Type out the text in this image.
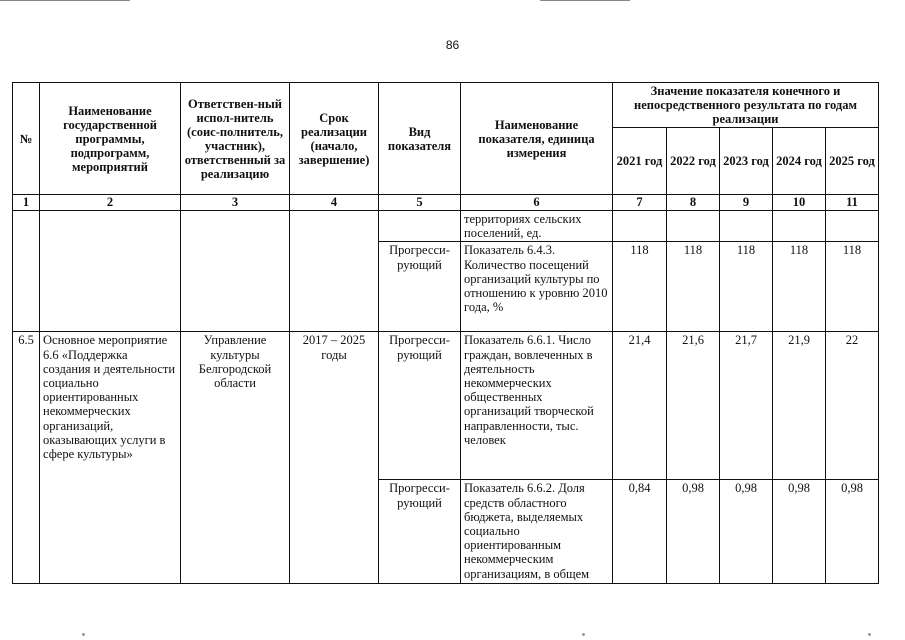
86
№	Наименование государственной программы, подпрограмм, мероприятий	Ответствен-ный испол-нитель (соис-полнитель, участник), ответственный за реализацию	Срок реализации (начало, завершение)	Вид показателя	Наименование показателя, единица измерения	Значение показателя конечного и непосредственного результата по годам реализации				
						2021 год	2022 год	2023 год	2024 год	2025 год
1	2	3	4	5	6	7	8	9	10	11
					территориях сельских поселений, ед.					
				Прогресси-рующий	Показатель 6.4.3. Количество посещений организаций культуры по отношению к уровню 2010 года, %	118	118	118	118	118
6.5	Основное мероприятие 6.6 «Поддержка создания и деятельности социально ориентированных некоммерческих организаций, оказывающих услуги в сфере культуры»	Управление культуры Белгородской области	2017 – 2025 годы	Прогресси-рующий	Показатель 6.6.1. Число граждан, вовлеченных в деятельность некоммерческих общественных организаций творческой направленности, тыс. человек	21,4	21,6	21,7	21,9	22
				Прогресси-рующий	Показатель 6.6.2. Доля средств областного бюджета, выделяемых социально ориентированным некоммерческим организациям, в общем	0,84	0,98	0,98	0,98	0,98
